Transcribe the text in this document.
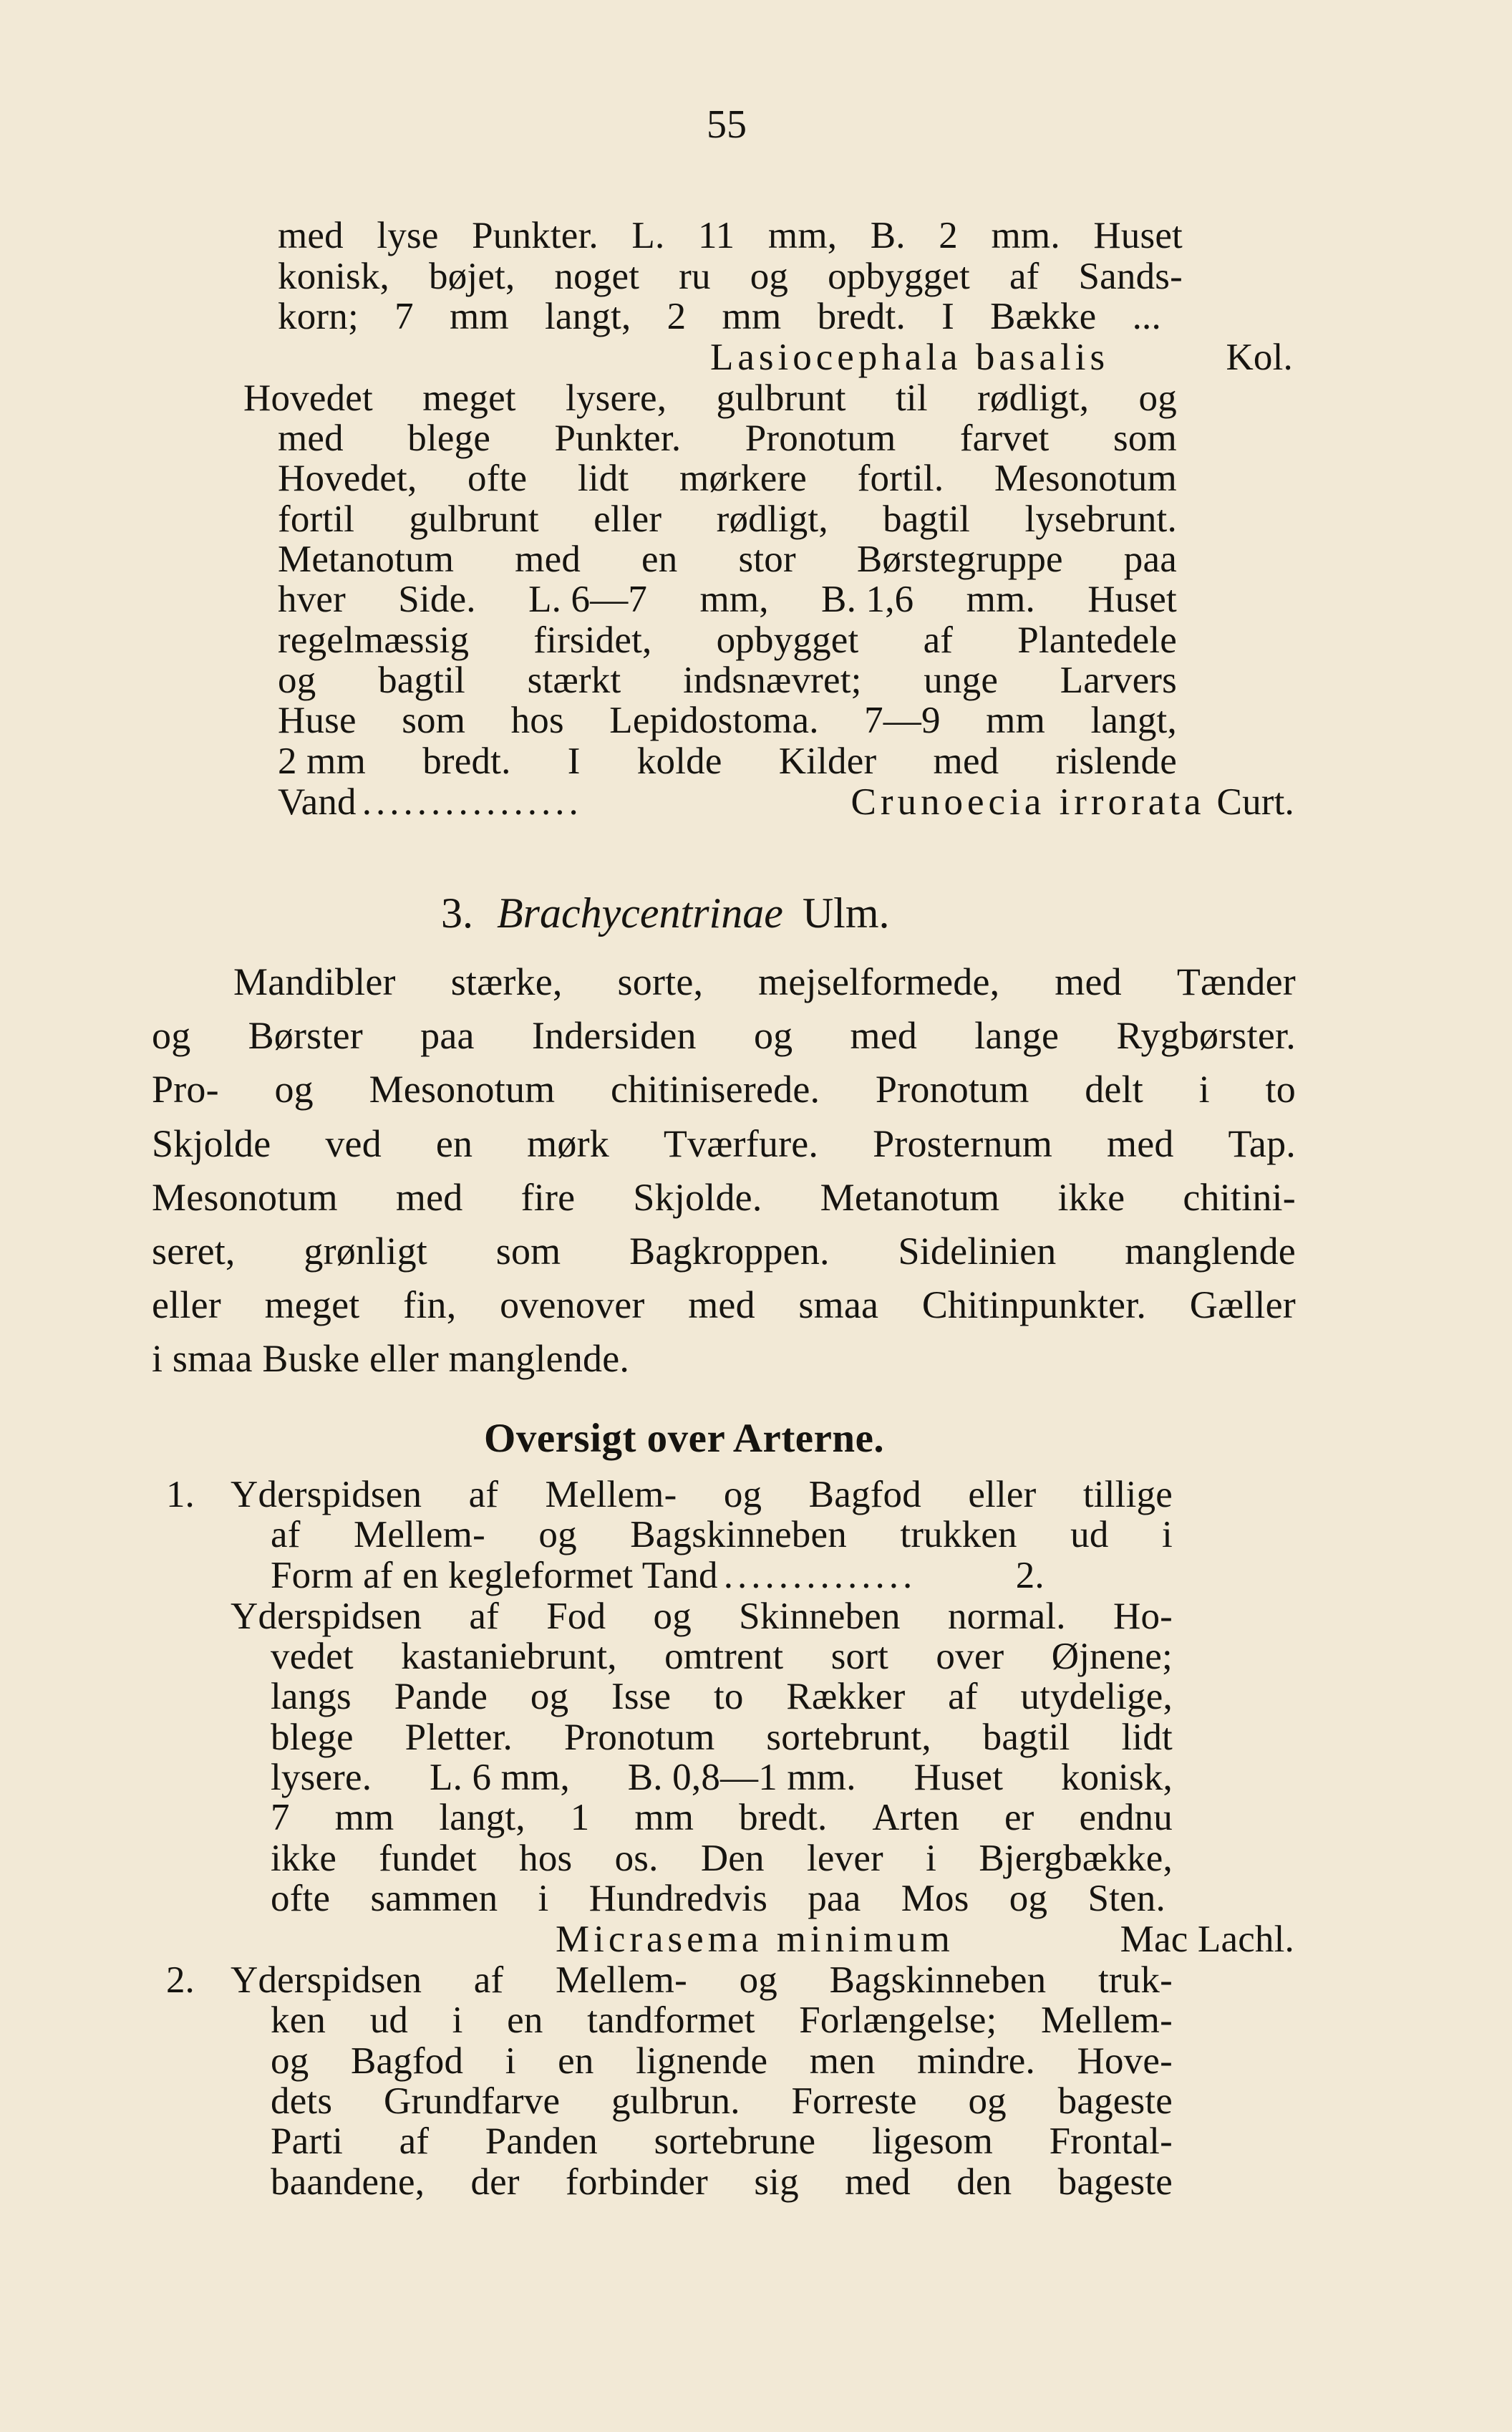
55
med lyse Punkter. L. 11 mm, B. 2 mm. Huset
konisk, bøjet, noget ru og opbygget af Sands-
korn; 7 mm langt, 2 mm bredt. I Bække ...
Lasiocephala basalis	Kol.
Hovedet meget lysere, gulbrunt til rødligt, og
med blege Punkter. Pronotum farvet som
Hovedet, ofte lidt mørkere fortil. Mesonotum
fortil gulbrunt eller rødligt, bagtil lysebrunt.
Metanotum med en stor Børstegruppe paa
hver Side. L. 6—7 mm, B. 1,6 mm. Huset
regelmæssig firsidet, opbygget af Plantedele
og bagtil stærkt indsnævret; unge Larvers
Huse som hos Lepidostoma. 7—9 mm langt,
2 mm bredt. I kolde Kilder med rislende
Vand ................	Crunoecia irrorata Curt.
3. Brachycentrinae Ulm.
Mandibler stærke, sorte, mejselformede, med Tænder
og Børster paa Indersiden og med lange Rygbørster.
Pro- og Mesonotum chitiniserede. Pronotum delt i to
Skjolde ved en mørk Tværfure. Prosternum med Tap.
Mesonotum med fire Skjolde. Metanotum ikke chitini-
seret, grønligt som Bagkroppen. Sidelinien manglende
eller meget fin, ovenover med smaa Chitinpunkter. Gæller
i smaa Buske eller manglende.
Oversigt over Arterne.
1. Yderspidsen af Mellem- og Bagfod eller tillige
af Mellem- og Bagskinneben trukken ud i
Form af en kegleformet Tand ..............	2.
Yderspidsen af Fod og Skinneben normal. Ho-
vedet kastaniebrunt, omtrent sort over Øjnene;
langs Pande og Isse to Rækker af utydelige,
blege Pletter. Pronotum sortebrunt, bagtil lidt
lysere. L. 6 mm, B. 0,8—1 mm. Huset konisk,
7 mm langt, 1 mm bredt. Arten er endnu
ikke fundet hos os. Den lever i Bjergbække,
ofte sammen i Hundredvis paa Mos og Sten.
Micrasema minimum	Mac Lachl.
2. Yderspidsen af Mellem- og Bagskinneben truk-
ken ud i en tandformet Forlængelse; Mellem-
og Bagfod i en lignende men mindre. Hove-
dets Grundfarve gulbrun. Forreste og bageste
Parti af Panden sortebrune ligesom Frontal-
baandene, der forbinder sig med den bageste
